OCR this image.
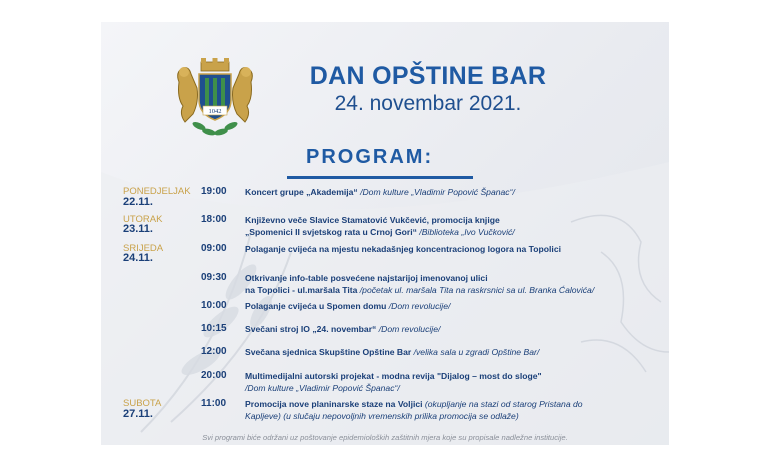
1042
DAN OPŠTINE BAR
24. novembar 2021.
PROGRAM:
PONEDJELJAK
22.11.
19:00 Koncert grupe „Akademija“ /Dom kulture „Vladimir Popović Španac“/
UTORAK
23.11.
18:00 Književno veče Slavice Stamatović Vukčević, promocija knjige
„Spomenici II svjetskog rata u Crnoj Gori“ /Biblioteka „Ivo Vučković/
SRIJEDA
24.11.
09:00 Polaganje cvijeća na mjestu nekadašnjeg koncentracionog logora na Topolici
09:30 Otkrivanje info-table posvećene najstarijoj imenovanoj ulici
na Topolici - ul.maršala Tita /početak ul. maršala Tita na raskrsnici sa ul. Branka Ćalovića/
10:00 Polaganje cvijeća u Spomen domu /Dom revolucije/
10:15 Svečani stroj IO „24. novembar“ /Dom revolucije/
12:00 Svečana sjednica Skupštine Opštine Bar /velika sala u zgradi Opštine Bar/
20:00 Multimedijalni autorski projekat - modna revija "Dijalog – most do sloge"
/Dom kulture „Vladimir Popović Španac“/
SUBOTA
27.11.
11:00 Promocija nove planinarske staze na Voljici (okupljanje na stazi od starog Pristana do
Kapljeve) (u slučaju nepovoljnih vremenskih prilika promocija se odlaže)
Svi programi biće održani uz poštovanje epidemioloških zaštitnih mjera koje su propisale nadležne institucije.
